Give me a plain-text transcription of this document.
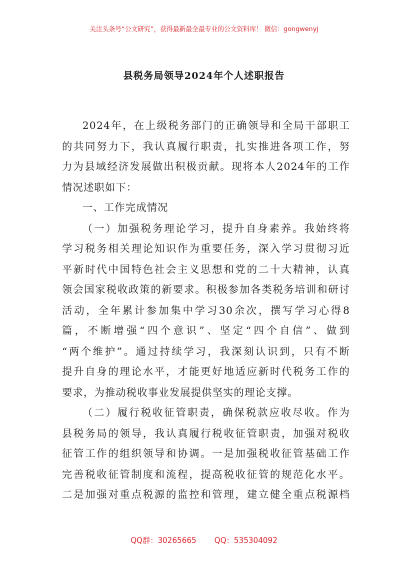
关注头条号“公文研究”，获得最新最全最专业的公文资料库！ 微信：gongwenyj
县税务局领导2024年个人述职报告
2024年，在上级税务部门的正确领导和全局干部职工
的共同努力下，我认真履行职责，扎实推进各项工作，努
力为县域经济发展做出积极贡献。现将本人2024年的工作
情况述职如下：
一、工作完成情况
（一）加强税务理论学习，提升自身素养。我始终将
学习税务相关理论知识作为重要任务，深入学习贯彻习近
平新时代中国特色社会主义思想和党的二十大精神，认真
领会国家税收政策的新要求。积极参加各类税务培训和研讨
活动，全年累计参加集中学习30余次，撰写学习心得8
篇，不断增强“四个意识”、坚定“四个自信”、做到
“两个维护”。通过持续学习，我深刻认识到，只有不断
提升自身的理论水平，才能更好地适应新时代税务工作的
要求，为推动税收事业发展提供坚实的理论支撑。
（二）履行税收征管职责，确保税款应收尽收。作为
县税务局的领导，我认真履行税收征管职责，加强对税收
征管工作的组织领导和协调。一是加强税收征管基础工作
完善税收征管制度和流程，提高税收征管的规范化水平。
二是加强对重点税源的监控和管理，建立健全重点税源档
QQ群：30265665 QQ：535304092
